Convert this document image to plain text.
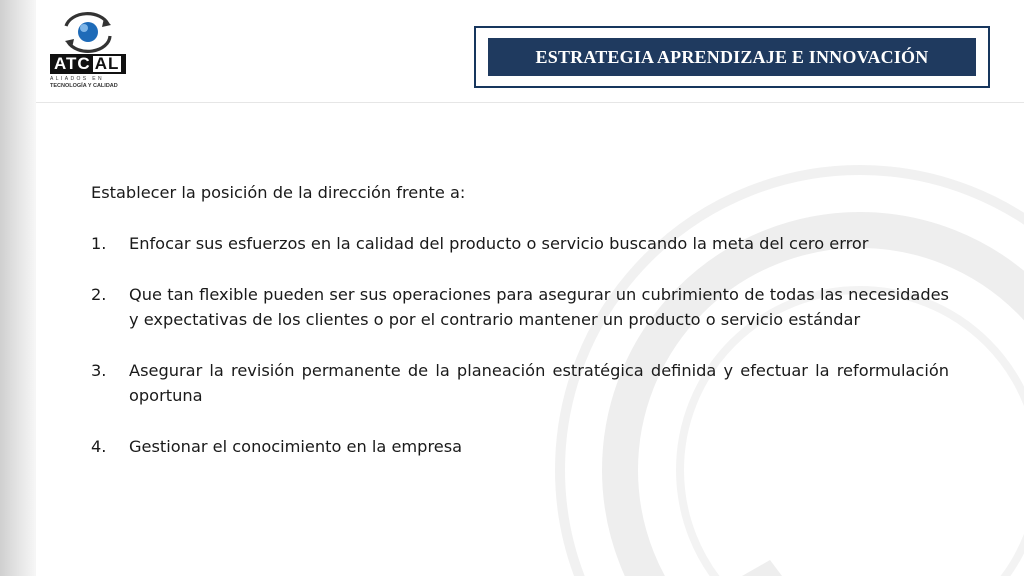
ATC AL
ALIADOS EN
TECNOLOGÍA Y CALIDAD
ESTRATEGIA APRENDIZAJE E INNOVACIÓN
Establecer la posición de la dirección frente a:
1.	Enfocar sus esfuerzos en la calidad del producto o servicio buscando la meta del cero error
2.	Que tan flexible pueden ser sus operaciones para asegurar un cubrimiento de todas las necesidades y expectativas de los clientes o por el contrario mantener un producto o servicio estándar
3.	Asegurar la revisión permanente de la planeación estratégica definida y efectuar la reformulación oportuna
4.	Gestionar el conocimiento en la empresa
